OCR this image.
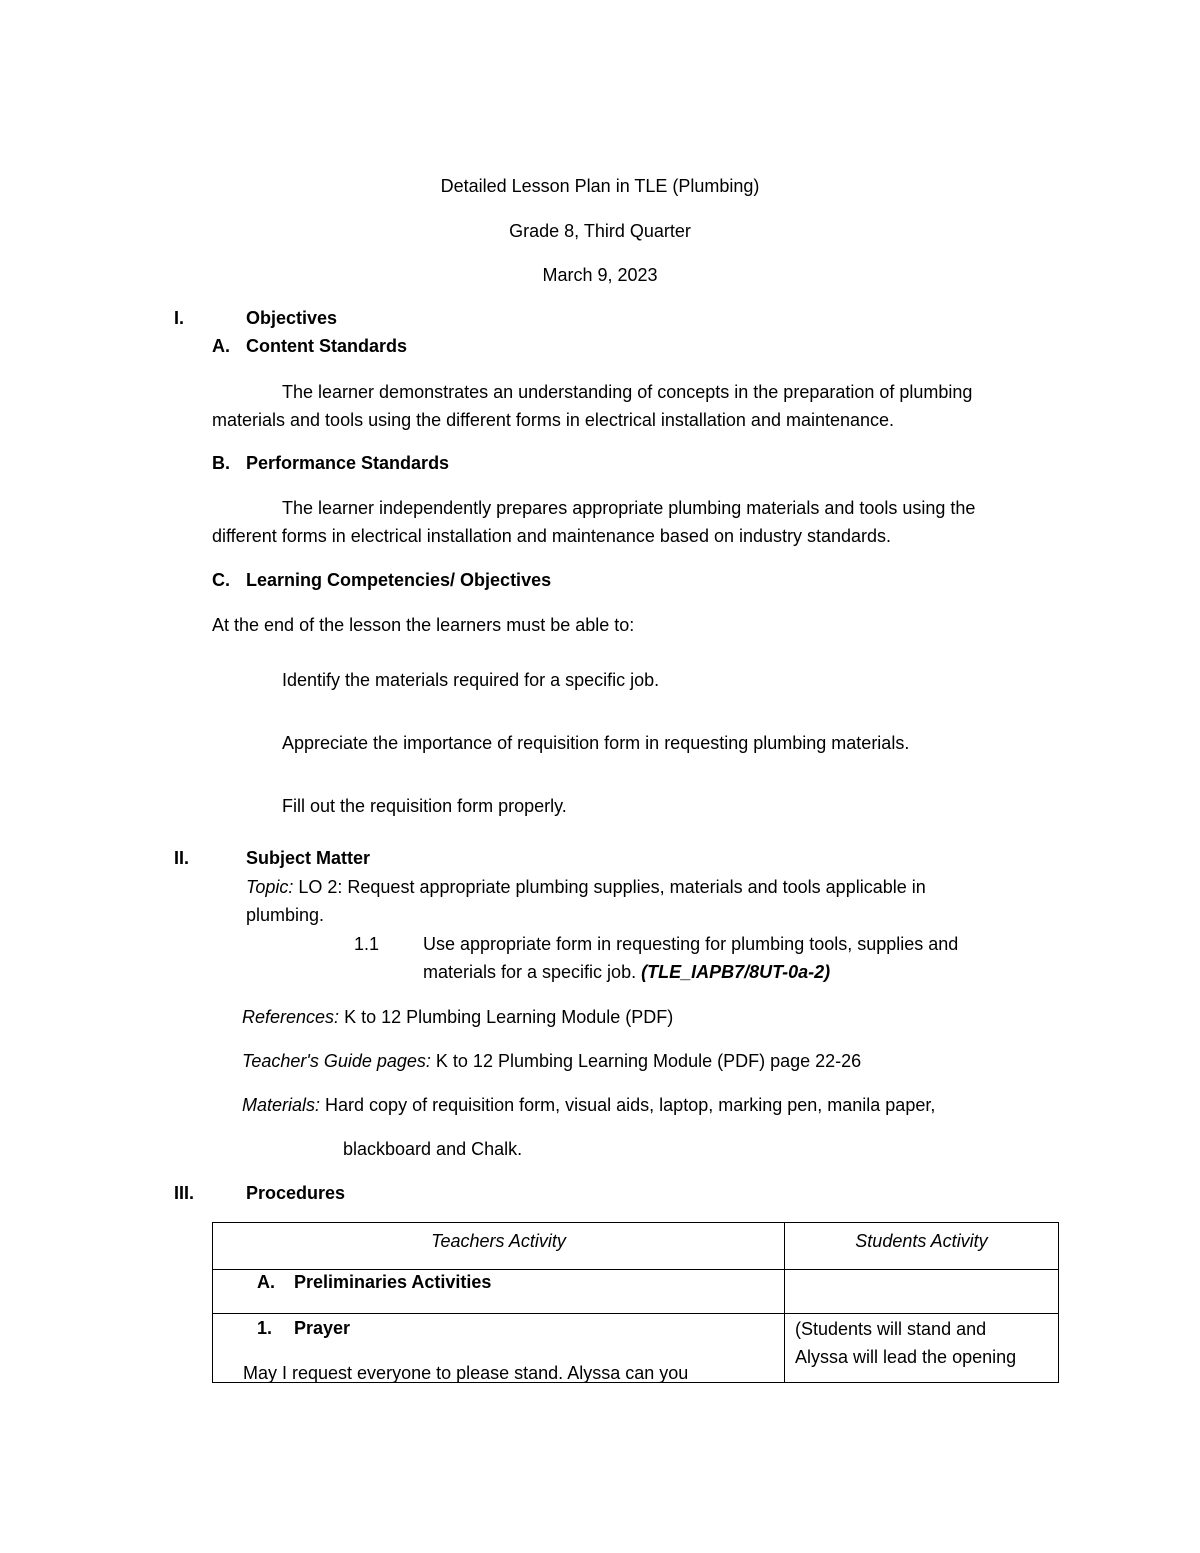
Detailed Lesson Plan in TLE (Plumbing)
Grade 8, Third Quarter
March 9, 2023
I.	Objectives
A. Content Standards
The learner demonstrates an understanding of concepts in the preparation of plumbing
materials and tools using the different forms in electrical installation and maintenance.
B. Performance Standards
The learner independently prepares appropriate plumbing materials and tools using the
different forms in electrical installation and maintenance based on industry standards.
C. Learning Competencies/ Objectives
At the end of the lesson the learners must be able to:
Identify the materials required for a specific job.
Appreciate the importance of requisition form in requesting plumbing materials.
Fill out the requisition form properly.
II.	Subject Matter
Topic: LO 2: Request appropriate plumbing supplies, materials and tools applicable in
plumbing.
1.1 Use appropriate form in requesting for plumbing tools, supplies and
materials for a specific job. (TLE_IAPB7/8UT-0a-2)
References: K to 12 Plumbing Learning Module (PDF)
Teacher's Guide pages: K to 12 Plumbing Learning Module (PDF) page 22-26
Materials: Hard copy of requisition form, visual aids, laptop, marking pen, manila paper,
blackboard and Chalk.
III.	Procedures
Teachers Activity	Students Activity

A. Preliminaries Activities	

1. Prayer
May I request everyone to please stand. Alyssa can you	(Students will stand and
Alyssa will lead the opening
